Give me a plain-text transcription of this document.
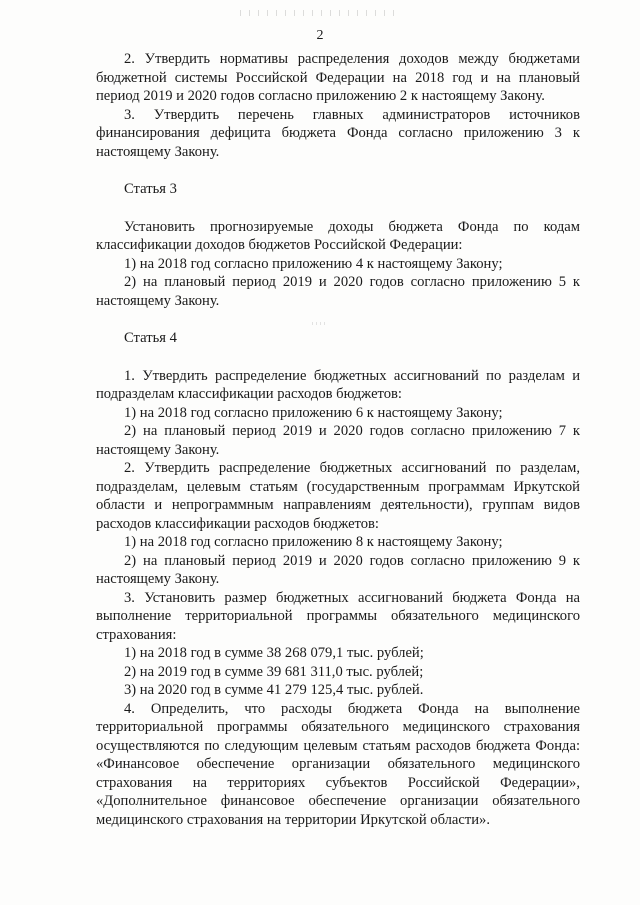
2
2. Утвердить нормативы распределения доходов между бюджетами бюджетной системы Российской Федерации на 2018 год и на плановый период 2019 и 2020 годов согласно приложению 2 к настоящему Закону.
3. Утвердить перечень главных администраторов источников финансирования дефицита бюджета Фонда согласно приложению 3 к настоящему Закону.
Статья 3
Установить прогнозируемые доходы бюджета Фонда по кодам классификации доходов бюджетов Российской Федерации:
1) на 2018 год согласно приложению 4 к настоящему Закону;
2) на плановый период 2019 и 2020 годов согласно приложению 5 к настоящему Закону.
Статья 4
1. Утвердить распределение бюджетных ассигнований по разделам и подразделам классификации расходов бюджетов:
1) на 2018 год согласно приложению 6 к настоящему Закону;
2) на плановый период 2019 и 2020 годов согласно приложению 7 к настоящему Закону.
2. Утвердить распределение бюджетных ассигнований по разделам, подразделам, целевым статьям (государственным программам Иркутской области и непрограммным направлениям деятельности), группам видов расходов классификации расходов бюджетов:
1) на 2018 год согласно приложению 8 к настоящему Закону;
2) на плановый период 2019 и 2020 годов согласно приложению 9 к настоящему Закону.
3. Установить размер бюджетных ассигнований бюджета Фонда на выполнение территориальной программы обязательного медицинского страхования:
1) на 2018 год в сумме 38 268 079,1 тыс. рублей;
2) на 2019 год в сумме 39 681 311,0 тыс. рублей;
3) на 2020 год в сумме 41 279 125,4 тыс. рублей.
4. Определить, что расходы бюджета Фонда на выполнение территориальной программы обязательного медицинского страхования осуществляются по следующим целевым статьям расходов бюджета Фонда: «Финансовое обеспечение организации обязательного медицинского страхования на территориях субъектов Российской Федерации», «Дополнительное финансовое обеспечение организации обязательного медицинского страхования на территории Иркутской области».
